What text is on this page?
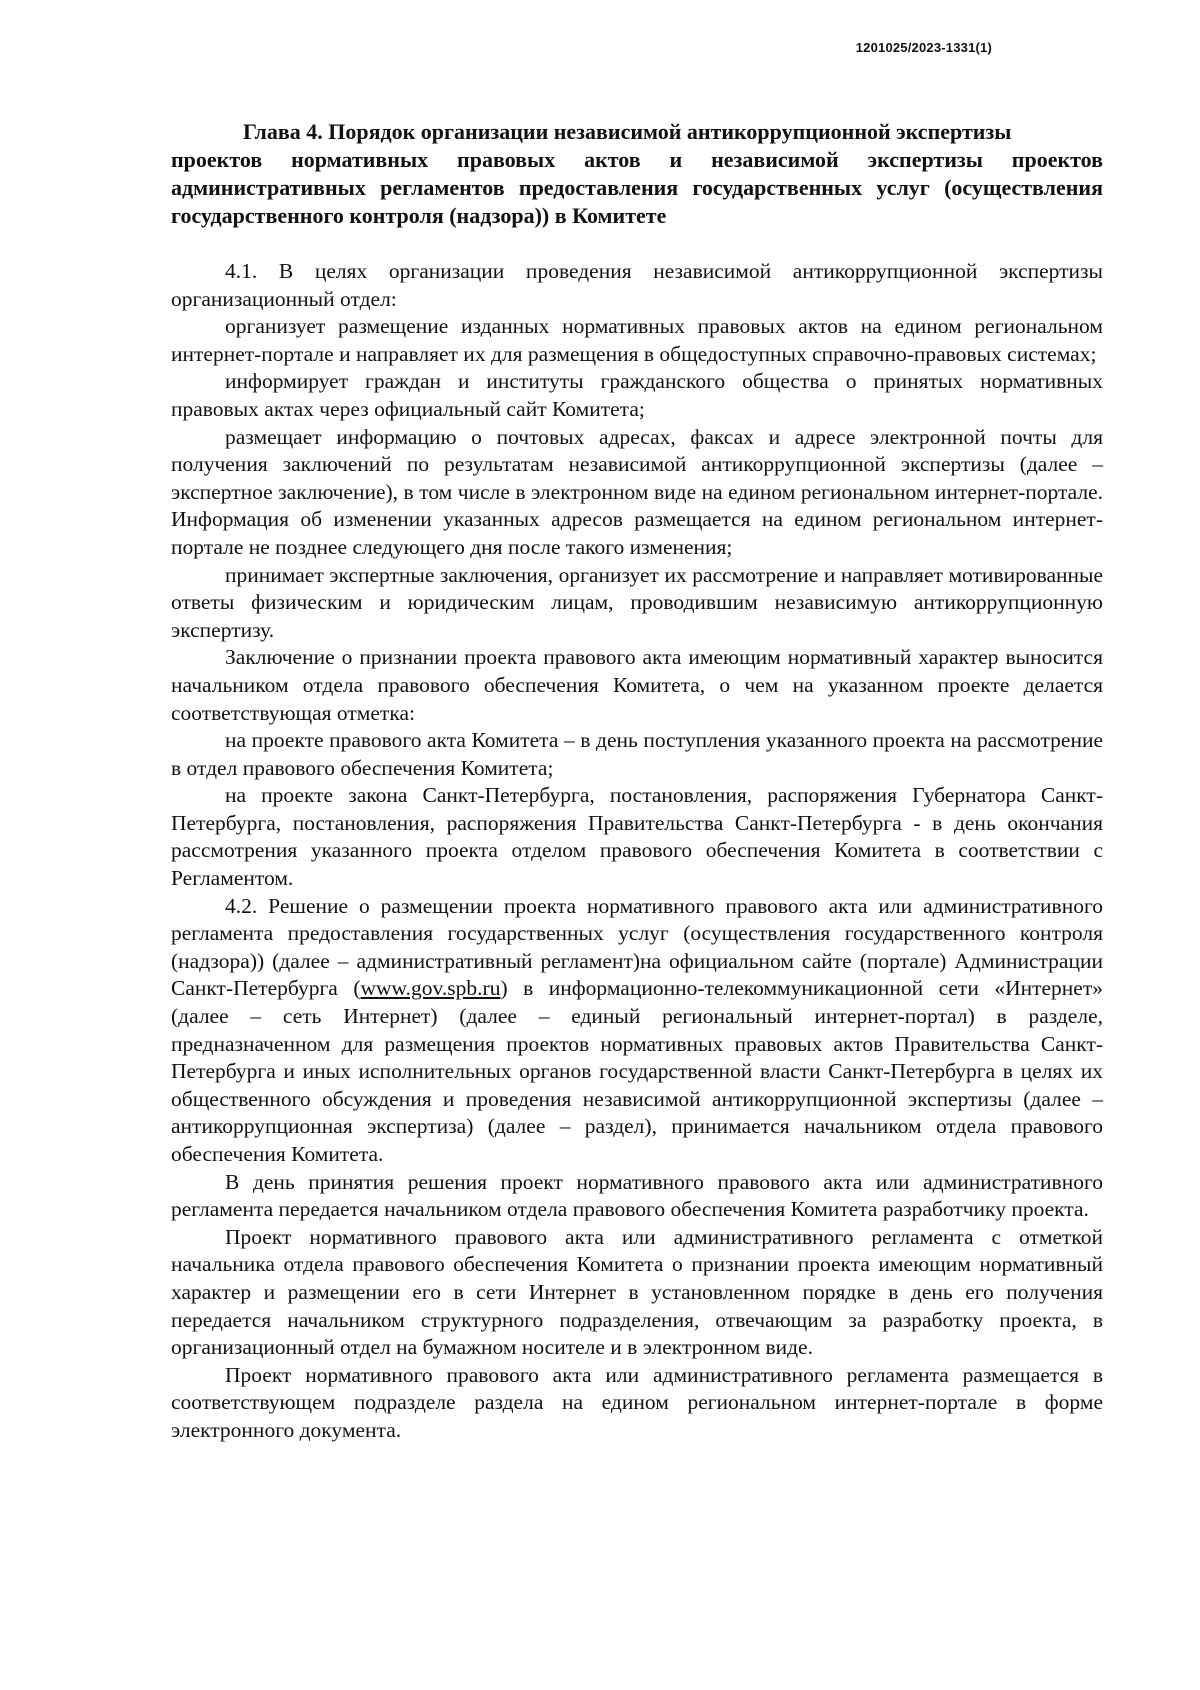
1201025/2023-1331(1)
Глава 4. Порядок организации независимой антикоррупционной экспертизы
проектов нормативных правовых актов и независимой экспертизы проектов административных регламентов предоставления государственных услуг (осуществления государственного контроля (надзора)) в Комитете

4.1. В целях организации проведения независимой антикоррупционной экспертизы организационный отдел:

организует размещение изданных нормативных правовых актов на едином региональном интернет-портале и направляет их для размещения в общедоступных справочно-правовых системах;

информирует граждан и институты гражданского общества о принятых нормативных правовых актах через официальный сайт Комитета;

размещает информацию о почтовых адресах, факсах и адресе электронной почты для получения заключений по результатам независимой антикоррупционной экспертизы (далее – экспертное заключение), в том числе в электронном виде на едином региональном интернет-портале. Информация об изменении указанных адресов размещается на едином региональном интернет-портале не позднее следующего дня после такого изменения;

принимает экспертные заключения, организует их рассмотрение и направляет мотивированные ответы физическим и юридическим лицам, проводившим независимую антикоррупционную экспертизу.

Заключение о признании проекта правового акта имеющим нормативный характер выносится начальником отдела правового обеспечения Комитета, о чем на указанном проекте делается соответствующая отметка:

на проекте правового акта Комитета – в день поступления указанного проекта на рассмотрение в отдел правового обеспечения Комитета;

на проекте закона Санкт-Петербурга, постановления, распоряжения Губернатора Санкт-Петербурга, постановления, распоряжения Правительства Санкт-Петербурга - в день окончания рассмотрения указанного проекта отделом правового обеспечения Комитета в соответствии с Регламентом.

4.2. Решение о размещении проекта нормативного правового акта или административного регламента предоставления государственных услуг (осуществления государственного контроля (надзора)) (далее – административный регламент)на официальном сайте (портале) Администрации Санкт-Петербурга (www.gov.spb.ru) в информационно-телекоммуникационной сети «Интернет» (далее – сеть Интернет) (далее – единый региональный интернет-портал) в разделе, предназначенном для размещения проектов нормативных правовых актов Правительства Санкт-Петербурга и иных исполнительных органов государственной власти Санкт-Петербурга в целях их общественного обсуждения и проведения независимой антикоррупционной экспертизы (далее – антикоррупционная экспертиза) (далее – раздел), принимается начальником отдела правового обеспечения Комитета.

В день принятия решения проект нормативного правового акта или административного регламента передается начальником отдела правового обеспечения Комитета разработчику проекта.

Проект нормативного правового акта или административного регламента с отметкой начальника отдела правового обеспечения Комитета о признании проекта имеющим нормативный характер и размещении его в сети Интернет в установленном порядке в день его получения передается начальником структурного подразделения, отвечающим за разработку проекта, в организационный отдел на бумажном носителе и в электронном виде.

Проект нормативного правового акта или административного регламента размещается в соответствующем подразделе раздела на едином региональном интернет-портале в форме электронного документа.
